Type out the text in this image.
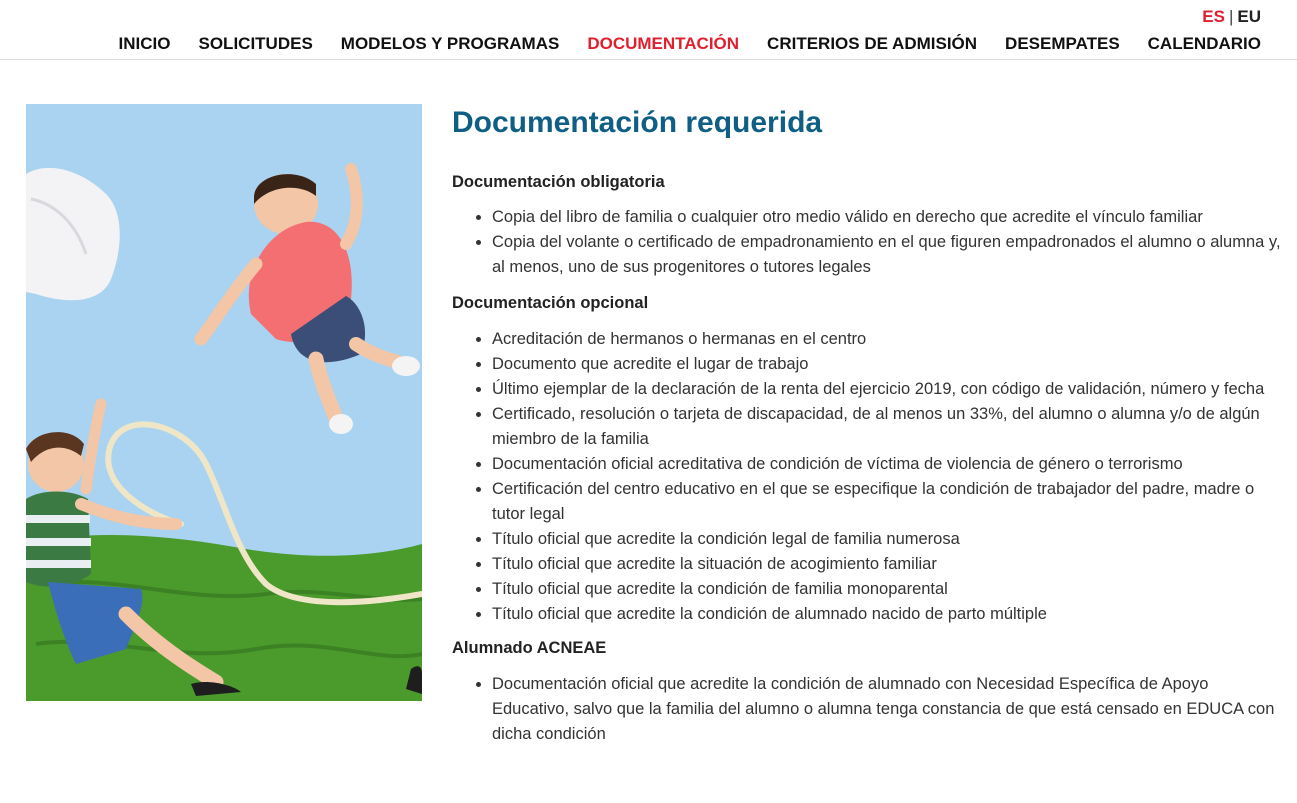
ES | EU
INICIO	SOLICITUDES	MODELOS Y PROGRAMAS	DOCUMENTACIÓN	CRITERIOS DE ADMISIÓN	DESEMPATES	CALENDARIO
Documentación requerida
Documentación obligatoria
• Copia del libro de familia o cualquier otro medio válido en derecho que acredite el vínculo familiar
• Copia del volante o certificado de empadronamiento en el que figuren empadronados el alumno o alumna y, al menos, uno de sus progenitores o tutores legales
Documentación opcional
• Acreditación de hermanos o hermanas en el centro
• Documento que acredite el lugar de trabajo
• Último ejemplar de la declaración de la renta del ejercicio 2019, con código de validación, número y fecha
• Certificado, resolución o tarjeta de discapacidad, de al menos un 33%, del alumno o alumna y/o de algún miembro de la familia
• Documentación oficial acreditativa de condición de víctima de violencia de género o terrorismo
• Certificación del centro educativo en el que se especifique la condición de trabajador del padre, madre o tutor legal
• Título oficial que acredite la condición legal de familia numerosa
• Título oficial que acredite la situación de acogimiento familiar
• Título oficial que acredite la condición de familia monoparental
• Título oficial que acredite la condición de alumnado nacido de parto múltiple
Alumnado ACNEAE
• Documentación oficial que acredite la condición de alumnado con Necesidad Específica de Apoyo Educativo, salvo que la familia del alumno o alumna tenga constancia de que está censado en EDUCA con dicha condición
